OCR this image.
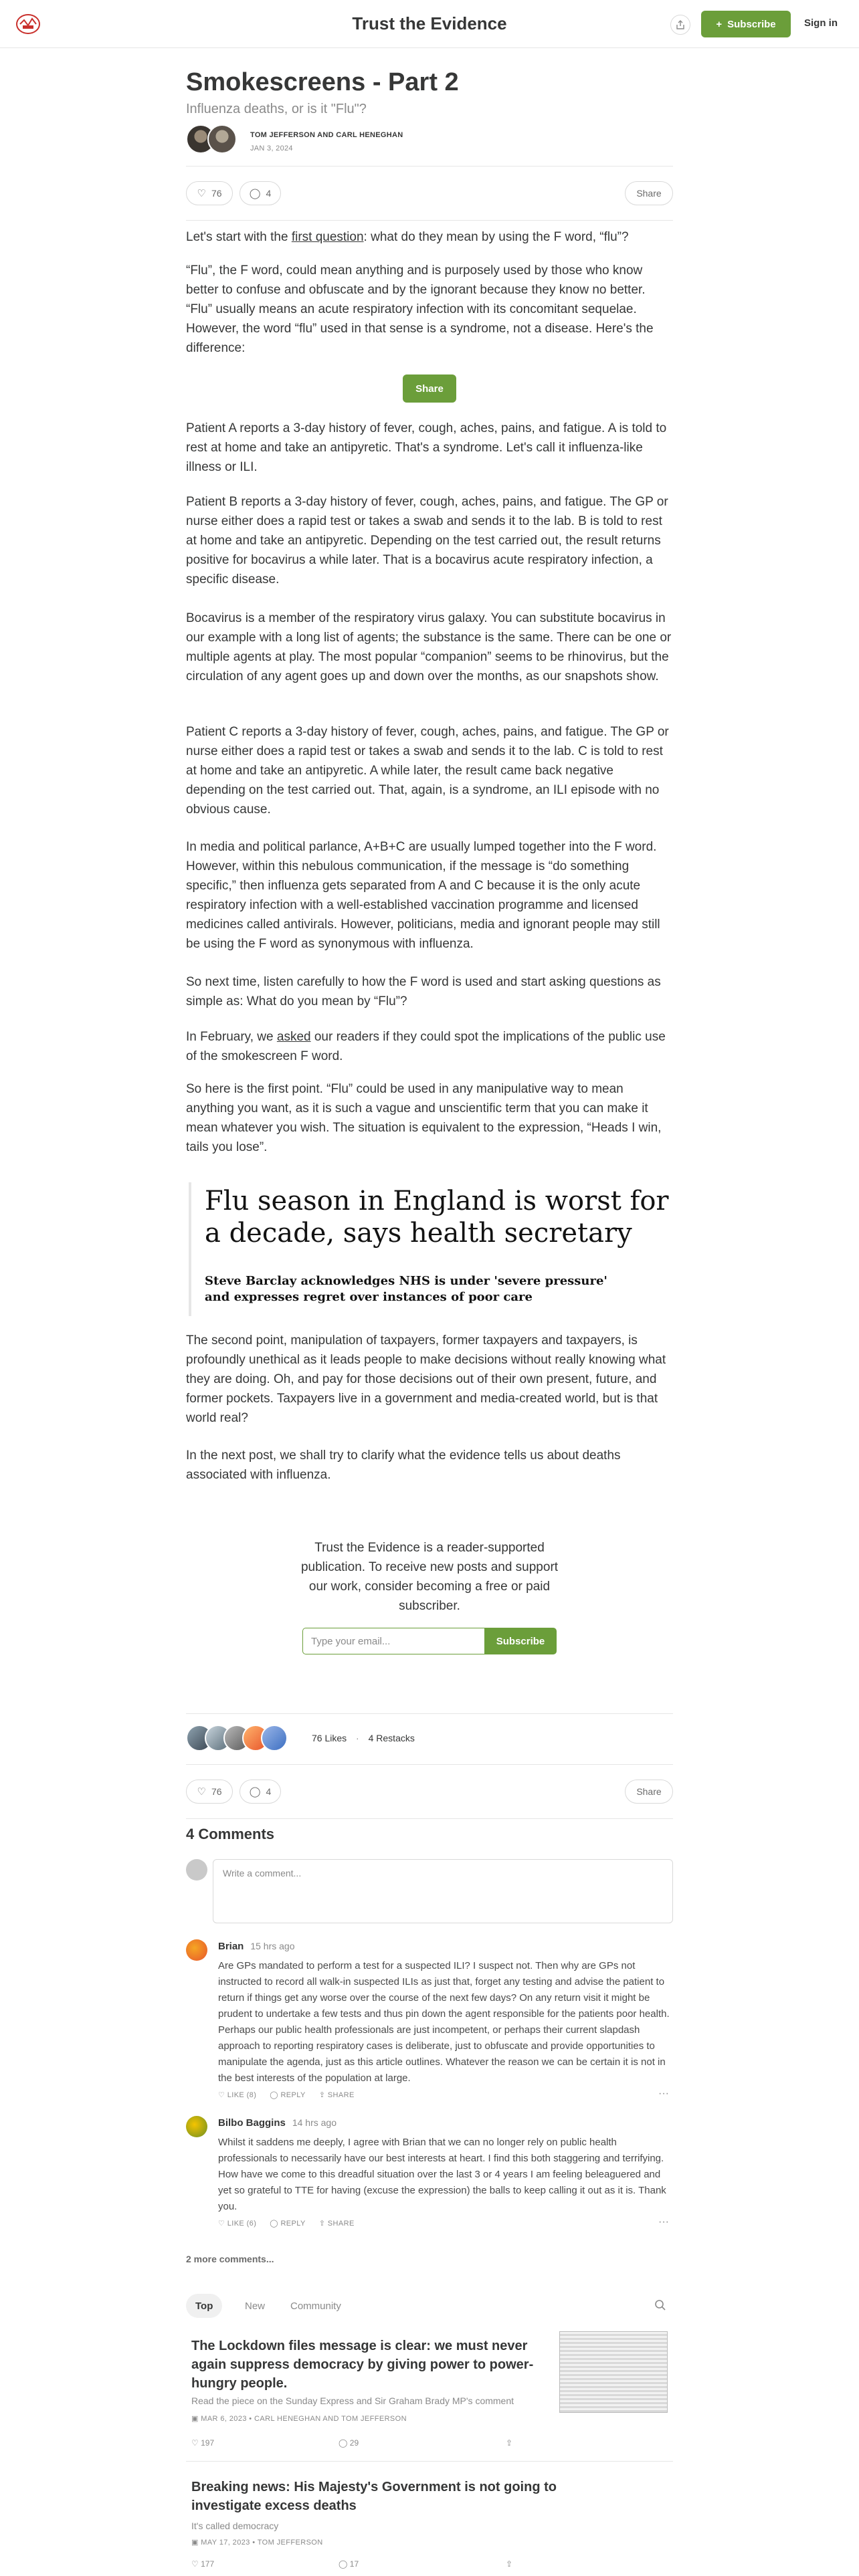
Trust the Evidence	+ Subscribe	Sign in
Smokescreens - Part 2
Influenza deaths, or is it "Flu"?
TOM JEFFERSON AND CARL HENEGHAN
JAN 3, 2024
♡ 76	◯ 4	Share

Let's start with the first question: what do they mean by using the F word, “flu”?

“Flu”, the F word, could mean anything and is purposely used by those who know better to confuse and obfuscate and by the ignorant because they know no better. “Flu” usually means an acute respiratory infection with its concomitant sequelae. However, the word “flu” used in that sense is a syndrome, not a disease. Here's the difference:

Share

Patient A reports a 3-day history of fever, cough, aches, pains, and fatigue. A is told to rest at home and take an antipyretic. That's a syndrome. Let's call it influenza-like illness or ILI.

Patient B reports a 3-day history of fever, cough, aches, pains, and fatigue. The GP or nurse either does a rapid test or takes a swab and sends it to the lab. B is told to rest at home and take an antipyretic. Depending on the test carried out, the result returns positive for bocavirus a while later. That is a bocavirus acute respiratory infection, a specific disease.

Bocavirus is a member of the respiratory virus galaxy. You can substitute bocavirus in our example with a long list of agents; the substance is the same. There can be one or multiple agents at play. The most popular “companion” seems to be rhinovirus, but the circulation of any agent goes up and down over the months, as our snapshots show.

Patient C reports a 3-day history of fever, cough, aches, pains, and fatigue. The GP or nurse either does a rapid test or takes a swab and sends it to the lab. C is told to rest at home and take an antipyretic. A while later, the result came back negative depending on the test carried out. That, again, is a syndrome, an ILI episode with no obvious cause.

In media and political parlance, A+B+C are usually lumped together into the F word. However, within this nebulous communication, if the message is “do something specific,” then influenza gets separated from A and C because it is the only acute respiratory infection with a well-established vaccination programme and licensed medicines called antivirals. However, politicians, media and ignorant people may still be using the F word as synonymous with influenza.

So next time, listen carefully to how the F word is used and start asking questions as simple as: What do you mean by “Flu”?

In February, we asked our readers if they could spot the implications of the public use of the smokescreen F word.

So here is the first point. “Flu” could be used in any manipulative way to mean anything you want, as it is such a vague and unscientific term that you can make it mean whatever you wish. The situation is equivalent to the expression, “Heads I win, tails you lose”.

Flu season in England is worst for a decade, says health secretary
Steve Barclay acknowledges NHS is under 'severe pressure' and expresses regret over instances of poor care

The second point, manipulation of taxpayers, former taxpayers and taxpayers, is profoundly unethical as it leads people to make decisions without really knowing what they are doing. Oh, and pay for those decisions out of their own present, future, and former pockets. Taxpayers live in a government and media-created world, but is that world real?

In the next post, we shall try to clarify what the evidence tells us about deaths associated with influenza.

Trust the Evidence is a reader-supported publication. To receive new posts and support our work, consider becoming a free or paid subscriber.
Type your email...	Subscribe
76 Likes · 4 Restacks
♡ 76	◯ 4	Share
4 Comments
Write a comment...
Brian 15 hrs ago
Are GPs mandated to perform a test for a suspected ILI? I suspect not. Then why are GPs not instructed to record all walk-in suspected ILIs as just that, forget any testing and advise the patient to return if things get any worse over the course of the next few days? On any return visit it might be prudent to undertake a few tests and thus pin down the agent responsible for the patients poor health. Perhaps our public health professionals are just incompetent, or perhaps their current slapdash approach to reporting respiratory cases is deliberate, just to obfuscate and provide opportunities to manipulate the agenda, just as this article outlines. Whatever the reason we can be certain it is not in the best interests of the population at large.
♡ LIKE (8) ◯ REPLY ⇪ SHARE	···
Bilbo Baggins 14 hrs ago
Whilst it saddens me deeply, I agree with Brian that we can no longer rely on public health professionals to necessarily have our best interests at heart. I find this both staggering and terrifying. How have we come to this dreadful situation over the last 3 or 4 years I am feeling beleaguered and yet so grateful to TTE for having (excuse the expression) the balls to keep calling it out as it is. Thank you.
♡ LIKE (6) ◯ REPLY ⇪ SHARE	···
2 more comments...
Top	New	Community
The Lockdown files message is clear: we must never again suppress democracy by giving power to power-hungry people.
Read the piece on the Sunday Express and Sir Graham Brady MP's comment
▣ MAR 6, 2023 • CARL HENEGHAN AND TOM JEFFERSON
♡ 197	◯ 29	⇪
Breaking news: His Majesty's Government is not going to investigate excess deaths
It's called democracy
▣ MAY 17, 2023 • TOM JEFFERSON
♡ 177	◯ 17	⇪
